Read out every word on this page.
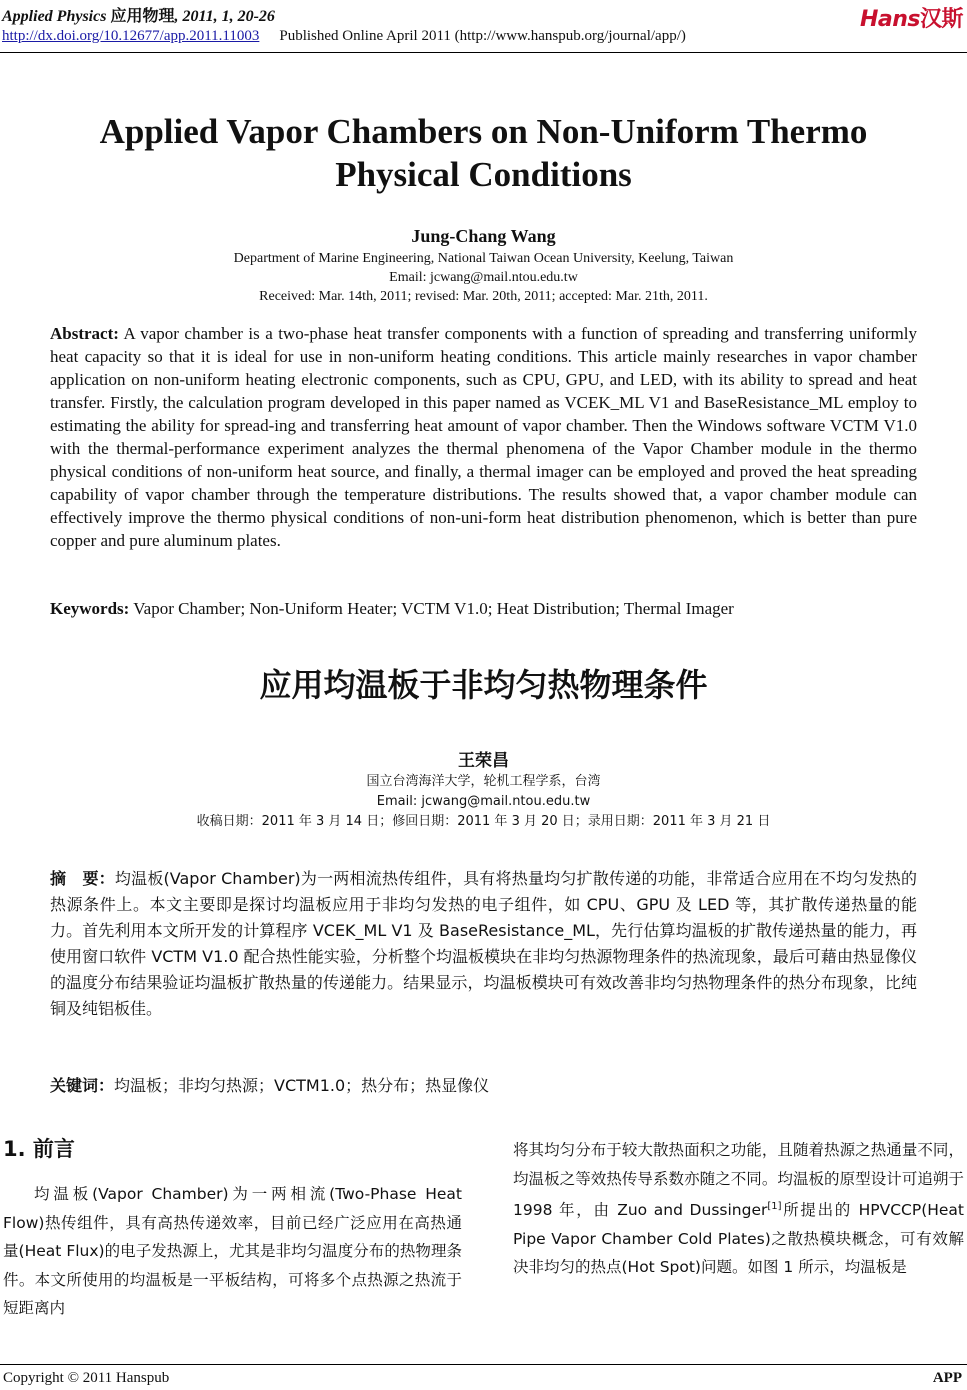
Applied Physics 应用物理, 2011, 1, 20-26
http://dx.doi.org/10.12677/app.2011.11003 Published Online April 2011 (http://www.hanspub.org/journal/app/)
Hans汉斯
Applied Vapor Chambers on Non-Uniform Thermo Physical Conditions
Jung-Chang Wang
Department of Marine Engineering, National Taiwan Ocean University, Keelung, Taiwan
Email: jcwang@mail.ntou.edu.tw
Received: Mar. 14th, 2011; revised: Mar. 20th, 2011; accepted: Mar. 21th, 2011.

Abstract: A vapor chamber is a two-phase heat transfer components with a function of spreading and transferring uniformly heat capacity so that it is ideal for use in non-uniform heating conditions. This article mainly researches in vapor chamber application on non-uniform heating electronic components, such as CPU, GPU, and LED, with its ability to spread and heat transfer. Firstly, the calculation program developed in this paper named as VCEK_ML V1 and BaseResistance_ML employ to estimating the ability for spread-ing and transferring heat amount of vapor chamber. Then the Windows software VCTM V1.0 with the thermal-performance experiment analyzes the thermal phenomena of the Vapor Chamber module in the thermo physical conditions of non-uniform heat source, and finally, a thermal imager can be employed and proved the heat spreading capability of vapor chamber through the temperature distributions. The results showed that, a vapor chamber module can effectively improve the thermo physical conditions of non-uni-form heat distribution phenomenon, which is better than pure copper and pure aluminum plates.

Keywords: Vapor Chamber; Non-Uniform Heater; VCTM V1.0; Heat Distribution; Thermal Imager

应用均温板于非均匀热物理条件
王荣昌
国立台湾海洋大学，轮机工程学系，台湾
Email: jcwang@mail.ntou.edu.tw
收稿日期：2011 年 3 月 14 日；修回日期：2011 年 3 月 20 日；录用日期：2011 年 3 月 21 日

摘　要：均温板(Vapor Chamber)为一两相流热传组件，具有将热量均匀扩散传递的功能，非常适合应用在不均匀发热的热源条件上。本文主要即是探讨均温板应用于非均匀发热的电子组件，如 CPU、GPU 及 LED 等，其扩散传递热量的能力。首先利用本文所开发的计算程序 VCEK_ML V1 及 BaseResistance_ML，先行估算均温板的扩散传递热量的能力，再使用窗口软件 VCTM V1.0 配合热性能实验，分析整个均温板模块在非均匀热源物理条件的热流现象，最后可藉由热显像仪的温度分布结果验证均温板扩散热量的传递能力。结果显示，均温板模块可有效改善非均匀热物理条件的热分布现象，比纯铜及纯铝板佳。

关键词：均温板；非均匀热源；VCTM1.0；热分布；热显像仪

1. 前言

均温板(Vapor Chamber)为一两相流(Two-Phase Heat Flow)热传组件，具有高热传递效率，目前已经广泛应用在高热通量(Heat Flux)的电子发热源上，尤其是非均匀温度分布的热物理条件。本文所使用的均温板是一平板结构，可将多个点热源之热流于短距离内

将其均匀分布于较大散热面积之功能，且随着热源之热通量不同，均温板之等效热传导系数亦随之不同。均温板的原型设计可追朔于 1998 年，由 Zuo and Dussinger[1]所提出的 HPVCCP(Heat Pipe Vapor Chamber Cold Plates)之散热模块概念，可有效解决非均匀的热点(Hot Spot)问题。如图 1 所示，均温板是

Copyright © 2011 Hanspub	APP
